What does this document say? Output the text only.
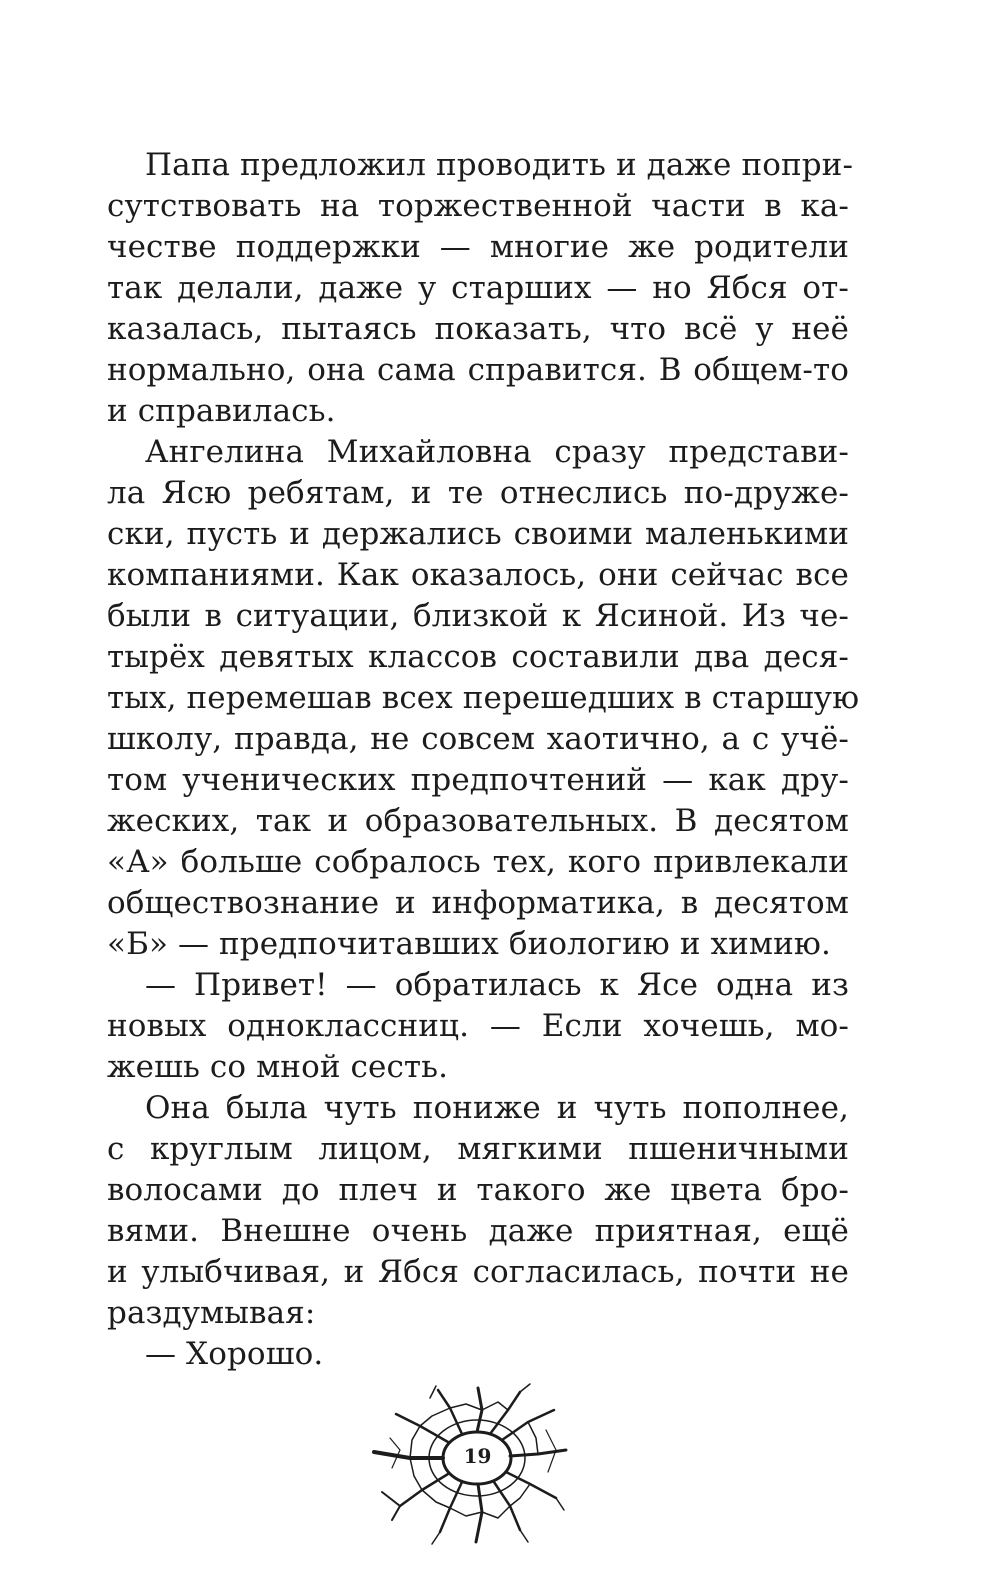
Папа предложил проводить и даже попри-
сутствовать на торжественной части в ка-
честве поддержки — многие же родители
так делали, даже у старших — но Ябся от-
казалась, пытаясь показать, что всё у неё
нормально, она сама справится. В общем-то
и справилась.
Ангелина Михайловна сразу представи-
ла Ясю ребятам, и те отнеслись по-друже-
ски, пусть и держались своими маленькими
компаниями. Как оказалось, они сейчас все
были в ситуации, близкой к Ясиной. Из че-
тырёх девятых классов составили два деся-
тых, перемешав всех перешедших в старшую
школу, правда, не совсем хаотично, а с учё-
том ученических предпочтений — как дру-
жеских, так и образовательных. В десятом
«А» больше собралось тех, кого привлекали
обществознание и информатика, в десятом
«Б» — предпочитавших биологию и химию.
— Привет! — обратилась к Ясе одна из
новых одноклассниц. — Если хочешь, мо-
жешь со мной сесть.
Она была чуть пониже и чуть пополнее,
с круглым лицом, мягкими пшеничными
волосами до плеч и такого же цвета бро-
вями. Внешне очень даже приятная, ещё
и улыбчивая, и Ябся согласилась, почти не
раздумывая:
— Хорошо.
19
